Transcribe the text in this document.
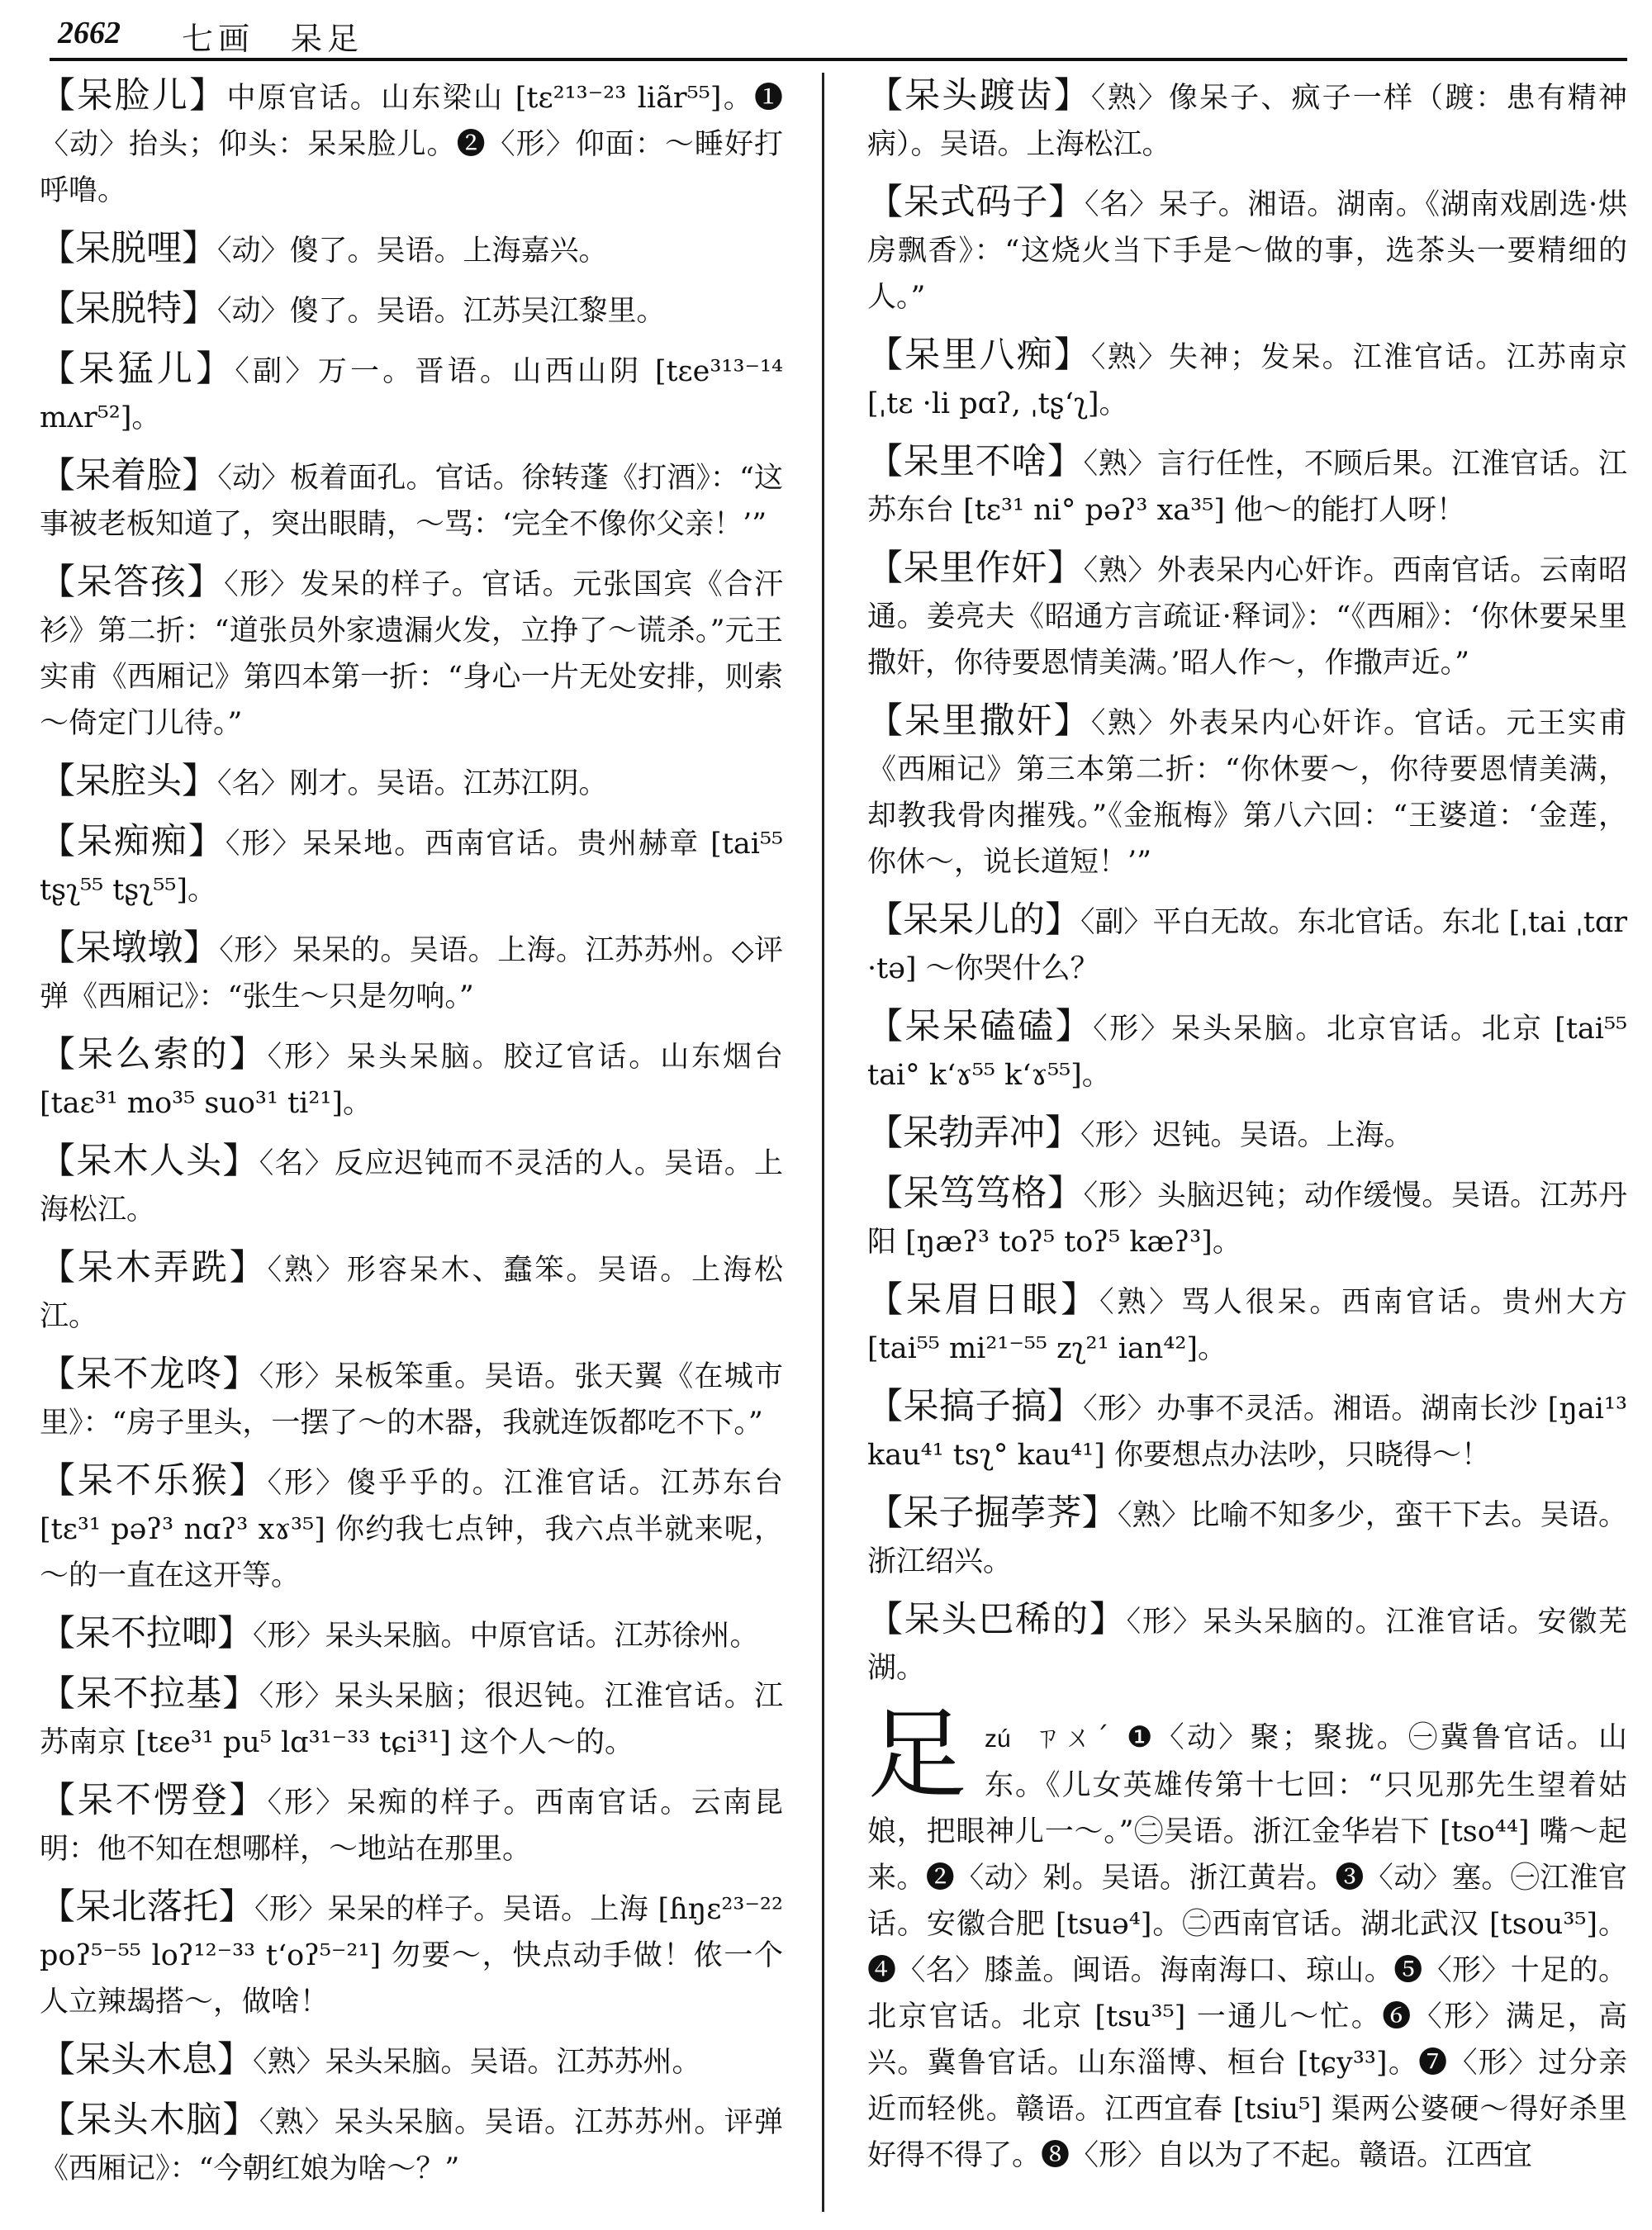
2662 七画　呆足

【呆脸儿】中原官话。山东梁山 [tɛ²¹³⁻²³ liãr⁵⁵]。❶〈动〉抬头；仰头：呆呆脸儿。❷〈形〉仰面：～睡好打呼噜。

【呆脱哩】〈动〉傻了。吴语。上海嘉兴。

【呆脱特】〈动〉傻了。吴语。江苏吴江黎里。

【呆猛儿】〈副〉万一。晋语。山西山阴 [tɛe³¹³⁻¹⁴ mʌr⁵²]。

【呆着脸】〈动〉板着面孔。官话。徐转蓬《打酒》：“这事被老板知道了，突出眼睛，～骂：‘完全不像你父亲！’”

【呆答孩】〈形〉发呆的样子。官话。元张国宾《合汗衫》第二折：“道张员外家遗漏火发，立挣了～谎杀。”元王实甫《西厢记》第四本第一折：“身心一片无处安排，则索～倚定门儿待。”

【呆腔头】〈名〉刚才。吴语。江苏江阴。

【呆痴痴】〈形〉呆呆地。西南官话。贵州赫章 [tai⁵⁵ tʂʅ⁵⁵ tʂʅ⁵⁵]。

【呆墩墩】〈形〉呆呆的。吴语。上海。江苏苏州。◇评弹《西厢记》：“张生～只是勿响。”

【呆么索的】〈形〉呆头呆脑。胶辽官话。山东烟台 [taɛ³¹ mo³⁵ suo³¹ ti²¹]。

【呆木人头】〈名〉反应迟钝而不灵活的人。吴语。上海松江。

【呆木弄跣】〈熟〉形容呆木、蠢笨。吴语。上海松江。

【呆不龙咚】〈形〉呆板笨重。吴语。张天翼《在城市里》：“房子里头，一摆了～的木器，我就连饭都吃不下。”

【呆不乐猴】〈形〉傻乎乎的。江淮官话。江苏东台 [tɛ³¹ pəʔ³ nɑʔ³ xɤ³⁵] 你约我七点钟，我六点半就来呢，～的一直在这开等。

【呆不拉唧】〈形〉呆头呆脑。中原官话。江苏徐州。

【呆不拉基】〈形〉呆头呆脑；很迟钝。江淮官话。江苏南京 [tɛe³¹ pu⁵ lɑ³¹⁻³³ tɕi³¹] 这个人～的。

【呆不愣登】〈形〉呆痴的样子。西南官话。云南昆明：他不知在想哪样，～地站在那里。

【呆北落托】〈形〉呆呆的样子。吴语。上海 [ɦŋɛ²³⁻²² poʔ⁵⁻⁵⁵ loʔ¹²⁻³³ tʻoʔ⁵⁻²¹] 勿要～，快点动手做！侬一个人立辣朅搭～，做啥！

【呆头木息】〈熟〉呆头呆脑。吴语。江苏苏州。

【呆头木脑】〈熟〉呆头呆脑。吴语。江苏苏州。评弹《西厢记》：“今朝红娘为啥～？”

【呆头踱齿】〈熟〉像呆子、疯子一样（踱：患有精神病）。吴语。上海松江。

【呆式码子】〈名〉呆子。湘语。湖南。《湖南戏剧选·烘房飘香》：“这烧火当下手是～做的事，选茶头一要精细的人。”

【呆里八痴】〈熟〉失神；发呆。江淮官话。江苏南京 [ˌtɛ ·li pɑʔ, ˌtʂʻʅ]。

【呆里不啥】〈熟〉言行任性，不顾后果。江淮官话。江苏东台 [tɛ³¹ ni° pəʔ³ xa³⁵] 他～的能打人呀！

【呆里作奸】〈熟〉外表呆内心奸诈。西南官话。云南昭通。姜亮夫《昭通方言疏证·释词》：“《西厢》：‘你休要呆里撒奸，你待要恩情美满。’昭人作～，作撒声近。”

【呆里撒奸】〈熟〉外表呆内心奸诈。官话。元王实甫《西厢记》第三本第二折：“你休要～，你待要恩情美满，却教我骨肉摧残。”《金瓶梅》第八六回：“王婆道：‘金莲，你休～，说长道短！’”

【呆呆儿的】〈副〉平白无故。东北官话。东北 [ˌtai ˌtɑr ·tə] ～你哭什么？

【呆呆磕磕】〈形〉呆头呆脑。北京官话。北京 [tai⁵⁵ tai° kʻɤ⁵⁵ kʻɤ⁵⁵]。

【呆勃弄冲】〈形〉迟钝。吴语。上海。

【呆笃笃格】〈形〉头脑迟钝；动作缓慢。吴语。江苏丹阳 [ŋæʔ³ toʔ⁵ toʔ⁵ kæʔ³]。

【呆眉日眼】〈熟〉骂人很呆。西南官话。贵州大方 [tai⁵⁵ mi²¹⁻⁵⁵ zʅ²¹ ian⁴²]。

【呆搞子搞】〈形〉办事不灵活。湘语。湖南长沙 [ŋai¹³ kau⁴¹ tsʅ° kau⁴¹] 你要想点办法吵，只晓得～！

【呆子掘荸荠】〈熟〉比喻不知多少，蛮干下去。吴语。浙江绍兴。

【呆头巴稀的】〈形〉呆头呆脑的。江淮官话。安徽芜湖。

足 zú ㄗㄨˊ ❶〈动〉聚；聚拢。㊀冀鲁官话。山东。《儿女英雄传第十七回：“只见那先生望着姑娘，把眼神儿一～。”㊁吴语。浙江金华岩下 [tso⁴⁴] 嘴～起来。❷〈动〉剁。吴语。浙江黄岩。❸〈动〉塞。㊀江淮官话。安徽合肥 [tsuə⁴]。㊁西南官话。湖北武汉 [tsou³⁵]。❹〈名〉膝盖。闽语。海南海口、琼山。❺〈形〉十足的。北京官话。北京 [tsu³⁵] 一通儿～忙。❻〈形〉满足，高兴。冀鲁官话。山东淄博、桓台 [tɕy³³]。❼〈形〉过分亲近而轻佻。赣语。江西宜春 [tsiu⁵] 渠两公婆硬～得好杀里好得不得了。❽〈形〉自以为了不起。赣语。江西宜
